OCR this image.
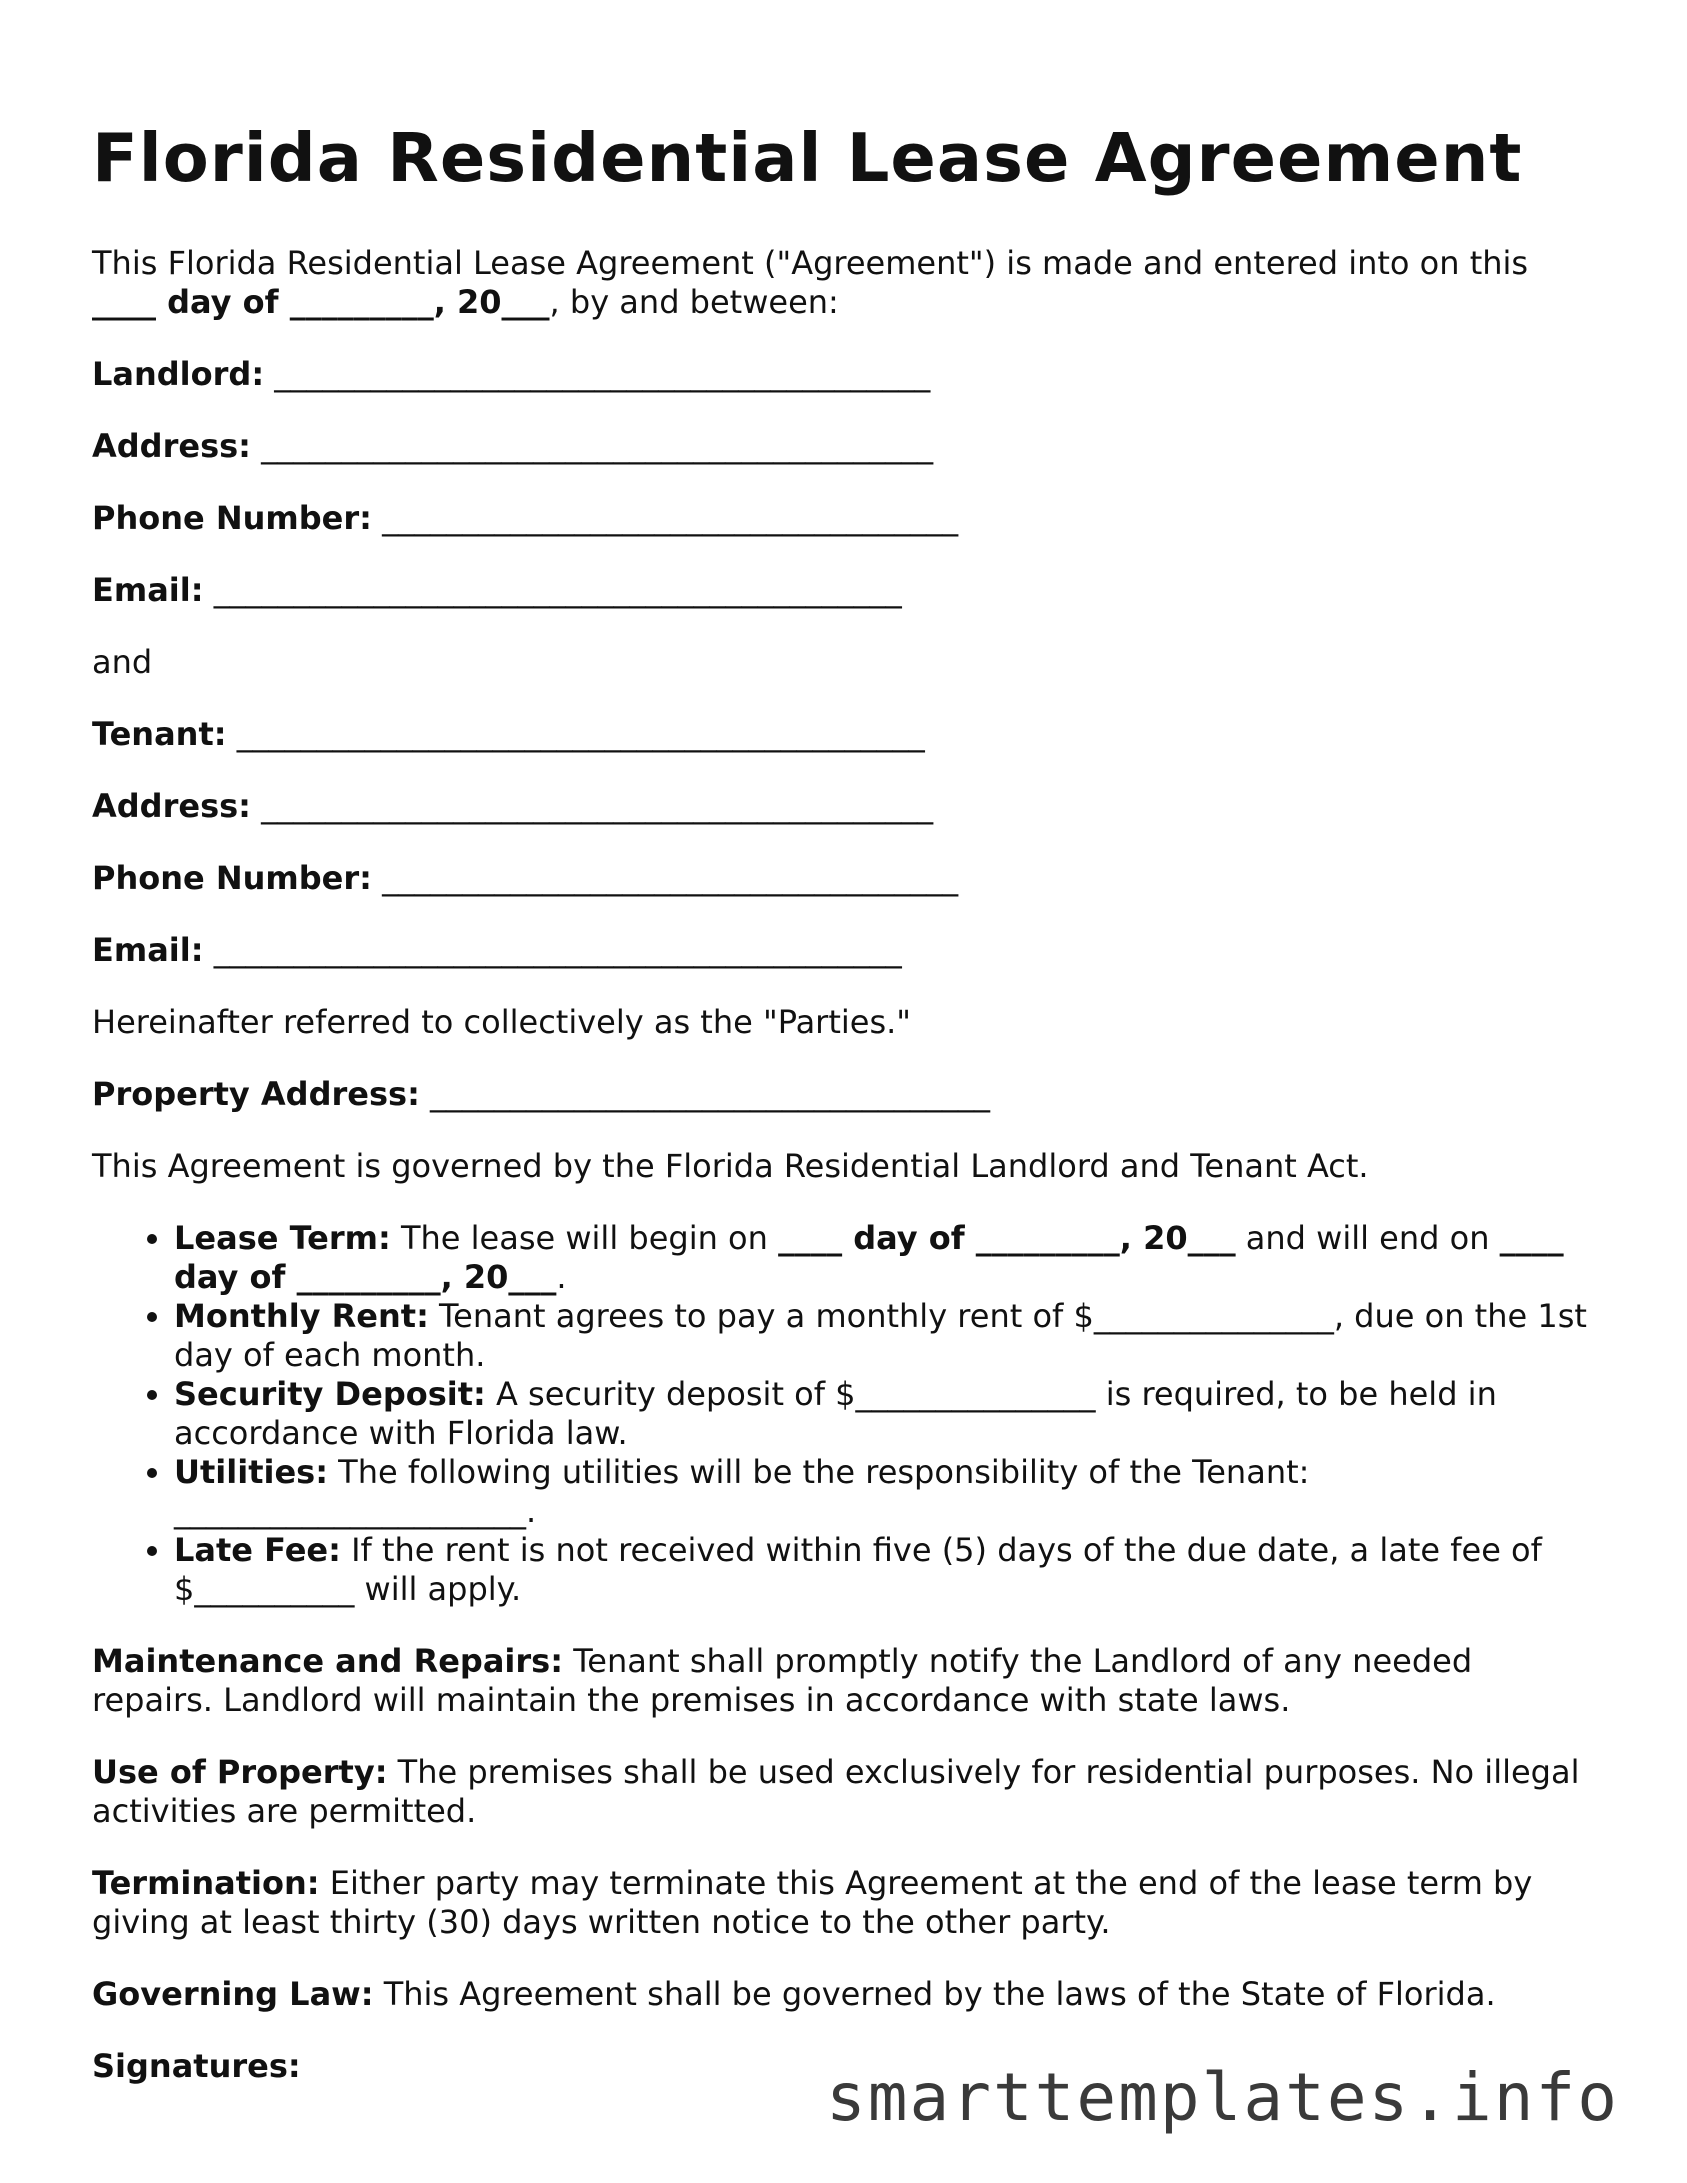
Florida Residential Lease Agreement

This Florida Residential Lease Agreement ("Agreement") is made and entered into on this ____ day of _________, 20___, by and between:

Landlord: _________________________________________

Address: __________________________________________

Phone Number: ____________________________________

Email: ___________________________________________

and

Tenant: ___________________________________________

Address: __________________________________________

Phone Number: ____________________________________

Email: ___________________________________________

Hereinafter referred to collectively as the "Parties."

Property Address: ___________________________________

This Agreement is governed by the Florida Residential Landlord and Tenant Act.

• Lease Term: The lease will begin on ____ day of _________, 20___ and will end on ____ day of _________, 20___.
• Monthly Rent: Tenant agrees to pay a monthly rent of $_______________, due on the 1st day of each month.
• Security Deposit: A security deposit of $_______________ is required, to be held in accordance with Florida law.
• Utilities: The following utilities will be the responsibility of the Tenant: ______________________.
• Late Fee: If the rent is not received within five (5) days of the due date, a late fee of $__________ will apply.

Maintenance and Repairs: Tenant shall promptly notify the Landlord of any needed repairs. Landlord will maintain the premises in accordance with state laws.

Use of Property: The premises shall be used exclusively for residential purposes. No illegal activities are permitted.

Termination: Either party may terminate this Agreement at the end of the lease term by giving at least thirty (30) days written notice to the other party.

Governing Law: This Agreement shall be governed by the laws of the State of Florida.

Signatures:	smarttemplates.info
